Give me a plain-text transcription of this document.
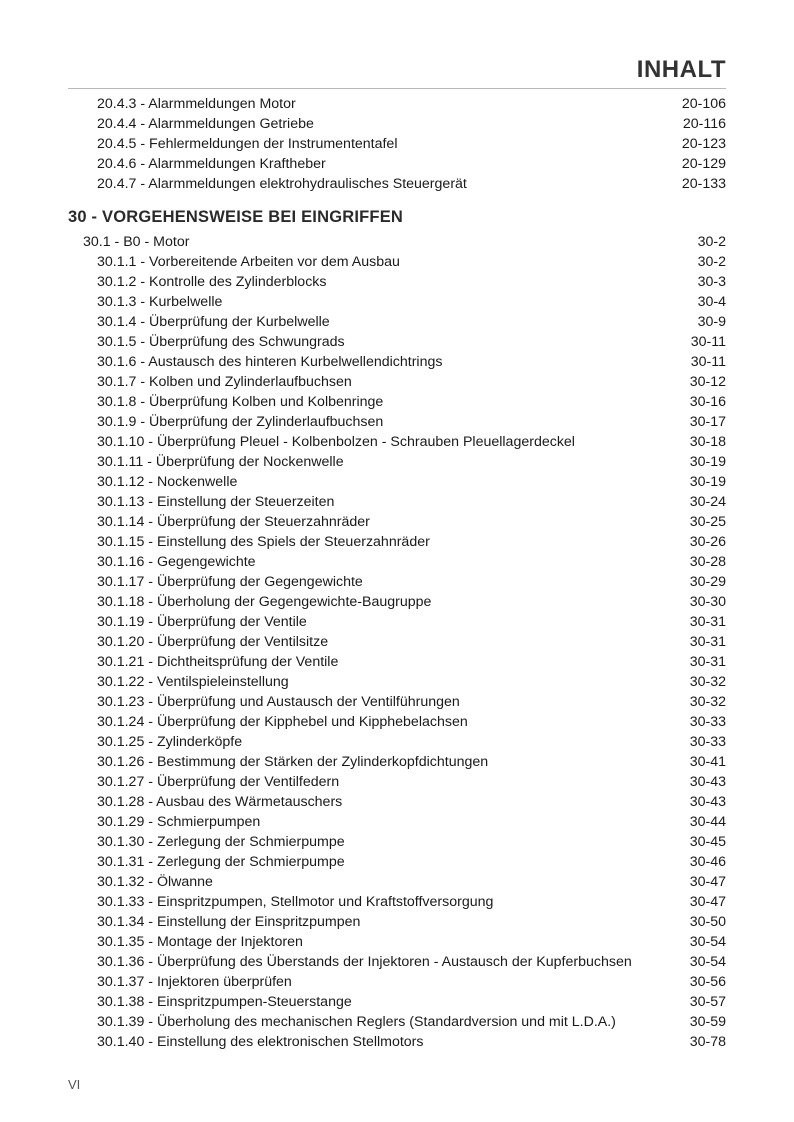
INHALT
20.4.3 - Alarmmeldungen Motor	20-106
20.4.4 - Alarmmeldungen Getriebe	20-116
20.4.5 - Fehlermeldungen der Instrumententafel	20-123
20.4.6 - Alarmmeldungen Kraftheber	20-129
20.4.7 - Alarmmeldungen elektrohydraulisches Steuergerät	20-133
30 - VORGEHENSWEISE BEI EINGRIFFEN
30.1 - B0 - Motor	30-2
30.1.1 - Vorbereitende Arbeiten vor dem Ausbau	30-2
30.1.2 - Kontrolle des Zylinderblocks	30-3
30.1.3 - Kurbelwelle	30-4
30.1.4 - Überprüfung der Kurbelwelle	30-9
30.1.5 - Überprüfung des Schwungrads	30-11
30.1.6 - Austausch des hinteren Kurbelwellendichtrings	30-11
30.1.7 - Kolben und Zylinderlaufbuchsen	30-12
30.1.8 - Überprüfung Kolben und Kolbenringe	30-16
30.1.9 - Überprüfung der Zylinderlaufbuchsen	30-17
30.1.10 - Überprüfung Pleuel - Kolbenbolzen - Schrauben Pleuellagerdeckel	30-18
30.1.11 - Überprüfung der Nockenwelle	30-19
30.1.12 - Nockenwelle	30-19
30.1.13 - Einstellung der Steuerzeiten	30-24
30.1.14 - Überprüfung der Steuerzahnräder	30-25
30.1.15 - Einstellung des Spiels der Steuerzahnräder	30-26
30.1.16 - Gegengewichte	30-28
30.1.17 - Überprüfung der Gegengewichte	30-29
30.1.18 - Überholung der Gegengewichte-Baugruppe	30-30
30.1.19 - Überprüfung der Ventile	30-31
30.1.20 - Überprüfung der Ventilsitze	30-31
30.1.21 - Dichtheitsprüfung der Ventile	30-31
30.1.22 - Ventilspieleinstellung	30-32
30.1.23 - Überprüfung und Austausch der Ventilführungen	30-32
30.1.24 - Überprüfung der Kipphebel und Kipphebelachsen	30-33
30.1.25 - Zylinderköpfe	30-33
30.1.26 - Bestimmung der Stärken der Zylinderkopfdichtungen	30-41
30.1.27 - Überprüfung der Ventilfedern	30-43
30.1.28 - Ausbau des Wärmetauschers	30-43
30.1.29 - Schmierpumpen	30-44
30.1.30 - Zerlegung der Schmierpumpe	30-45
30.1.31 - Zerlegung der Schmierpumpe	30-46
30.1.32 - Ölwanne	30-47
30.1.33 - Einspritzpumpen, Stellmotor und Kraftstoffversorgung	30-47
30.1.34 - Einstellung der Einspritzpumpen	30-50
30.1.35 - Montage der Injektoren	30-54
30.1.36 - Überprüfung des Überstands der Injektoren - Austausch der Kupferbuchsen	30-54
30.1.37 - Injektoren überprüfen	30-56
30.1.38 - Einspritzpumpen-Steuerstange	30-57
30.1.39 - Überholung des mechanischen Reglers (Standardversion und mit L.D.A.)	30-59
30.1.40 - Einstellung des elektronischen Stellmotors	30-78
VI
